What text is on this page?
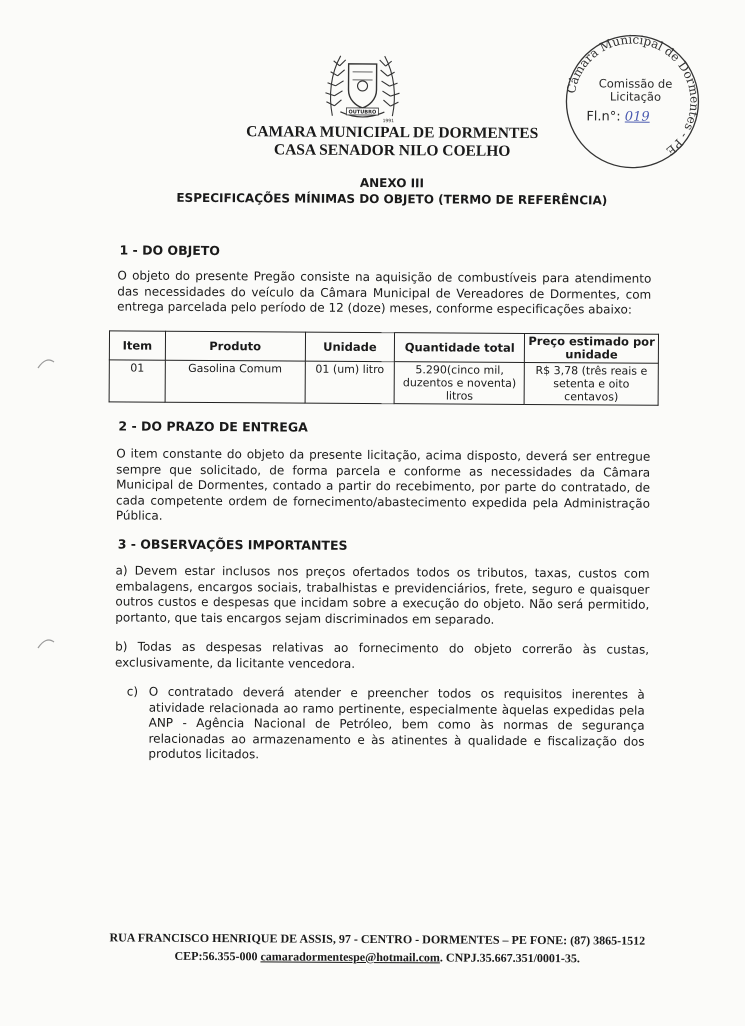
OUTUBRO
1991
Câmara Municipal de Dormentes - PE
Comissão de
Licitação
Fl.n°: 019
CAMARA MUNICIPAL DE DORMENTES
CASA SENADOR NILO COELHO
ANEXO III
ESPECIFICAÇÕES MÍNIMAS DO OBJETO (TERMO DE REFERÊNCIA)
1 - DO OBJETO
O objeto do presente Pregão consiste na aquisição de combustíveis para atendimento das necessidades do veículo da Câmara Municipal de Vereadores de Dormentes, com entrega parcelada pelo período de 12 (doze) meses, conforme especificações abaixo:
Item	Produto	Unidade	Quantidade total	Preço estimado por unidade
01	Gasolina Comum	01 (um) litro	5.290(cinco mil, duzentos e noventa) litros	R$ 3,78 (três reais e setenta e oito centavos)
2 - DO PRAZO DE ENTREGA
O item constante do objeto da presente licitação, acima disposto, deverá ser entregue sempre que solicitado, de forma parcela e conforme as necessidades da Câmara Municipal de Dormentes, contado a partir do recebimento, por parte do contratado, de cada competente ordem de fornecimento/abastecimento expedida pela Administração Pública.
3 - OBSERVAÇÕES IMPORTANTES
a) Devem estar inclusos nos preços ofertados todos os tributos, taxas, custos com embalagens, encargos sociais, trabalhistas e previdenciários, frete, seguro e quaisquer outros custos e despesas que incidam sobre a execução do objeto. Não será permitido, portanto, que tais encargos sejam discriminados em separado.
b) Todas as despesas relativas ao fornecimento do objeto correrão às custas, exclusivamente, da licitante vencedora.
c) O contratado deverá atender e preencher todos os requisitos inerentes à atividade relacionada ao ramo pertinente, especialmente àquelas expedidas pela ANP - Agência Nacional de Petróleo, bem como às normas de segurança relacionadas ao armazenamento e às atinentes à qualidade e fiscalização dos produtos licitados.
RUA FRANCISCO HENRIQUE DE ASSIS, 97 - CENTRO - DORMENTES – PE FONE: (87) 3865-1512
CEP:56.355-000 camaradormentespe@hotmail.com. CNPJ.35.667.351/0001-35.
